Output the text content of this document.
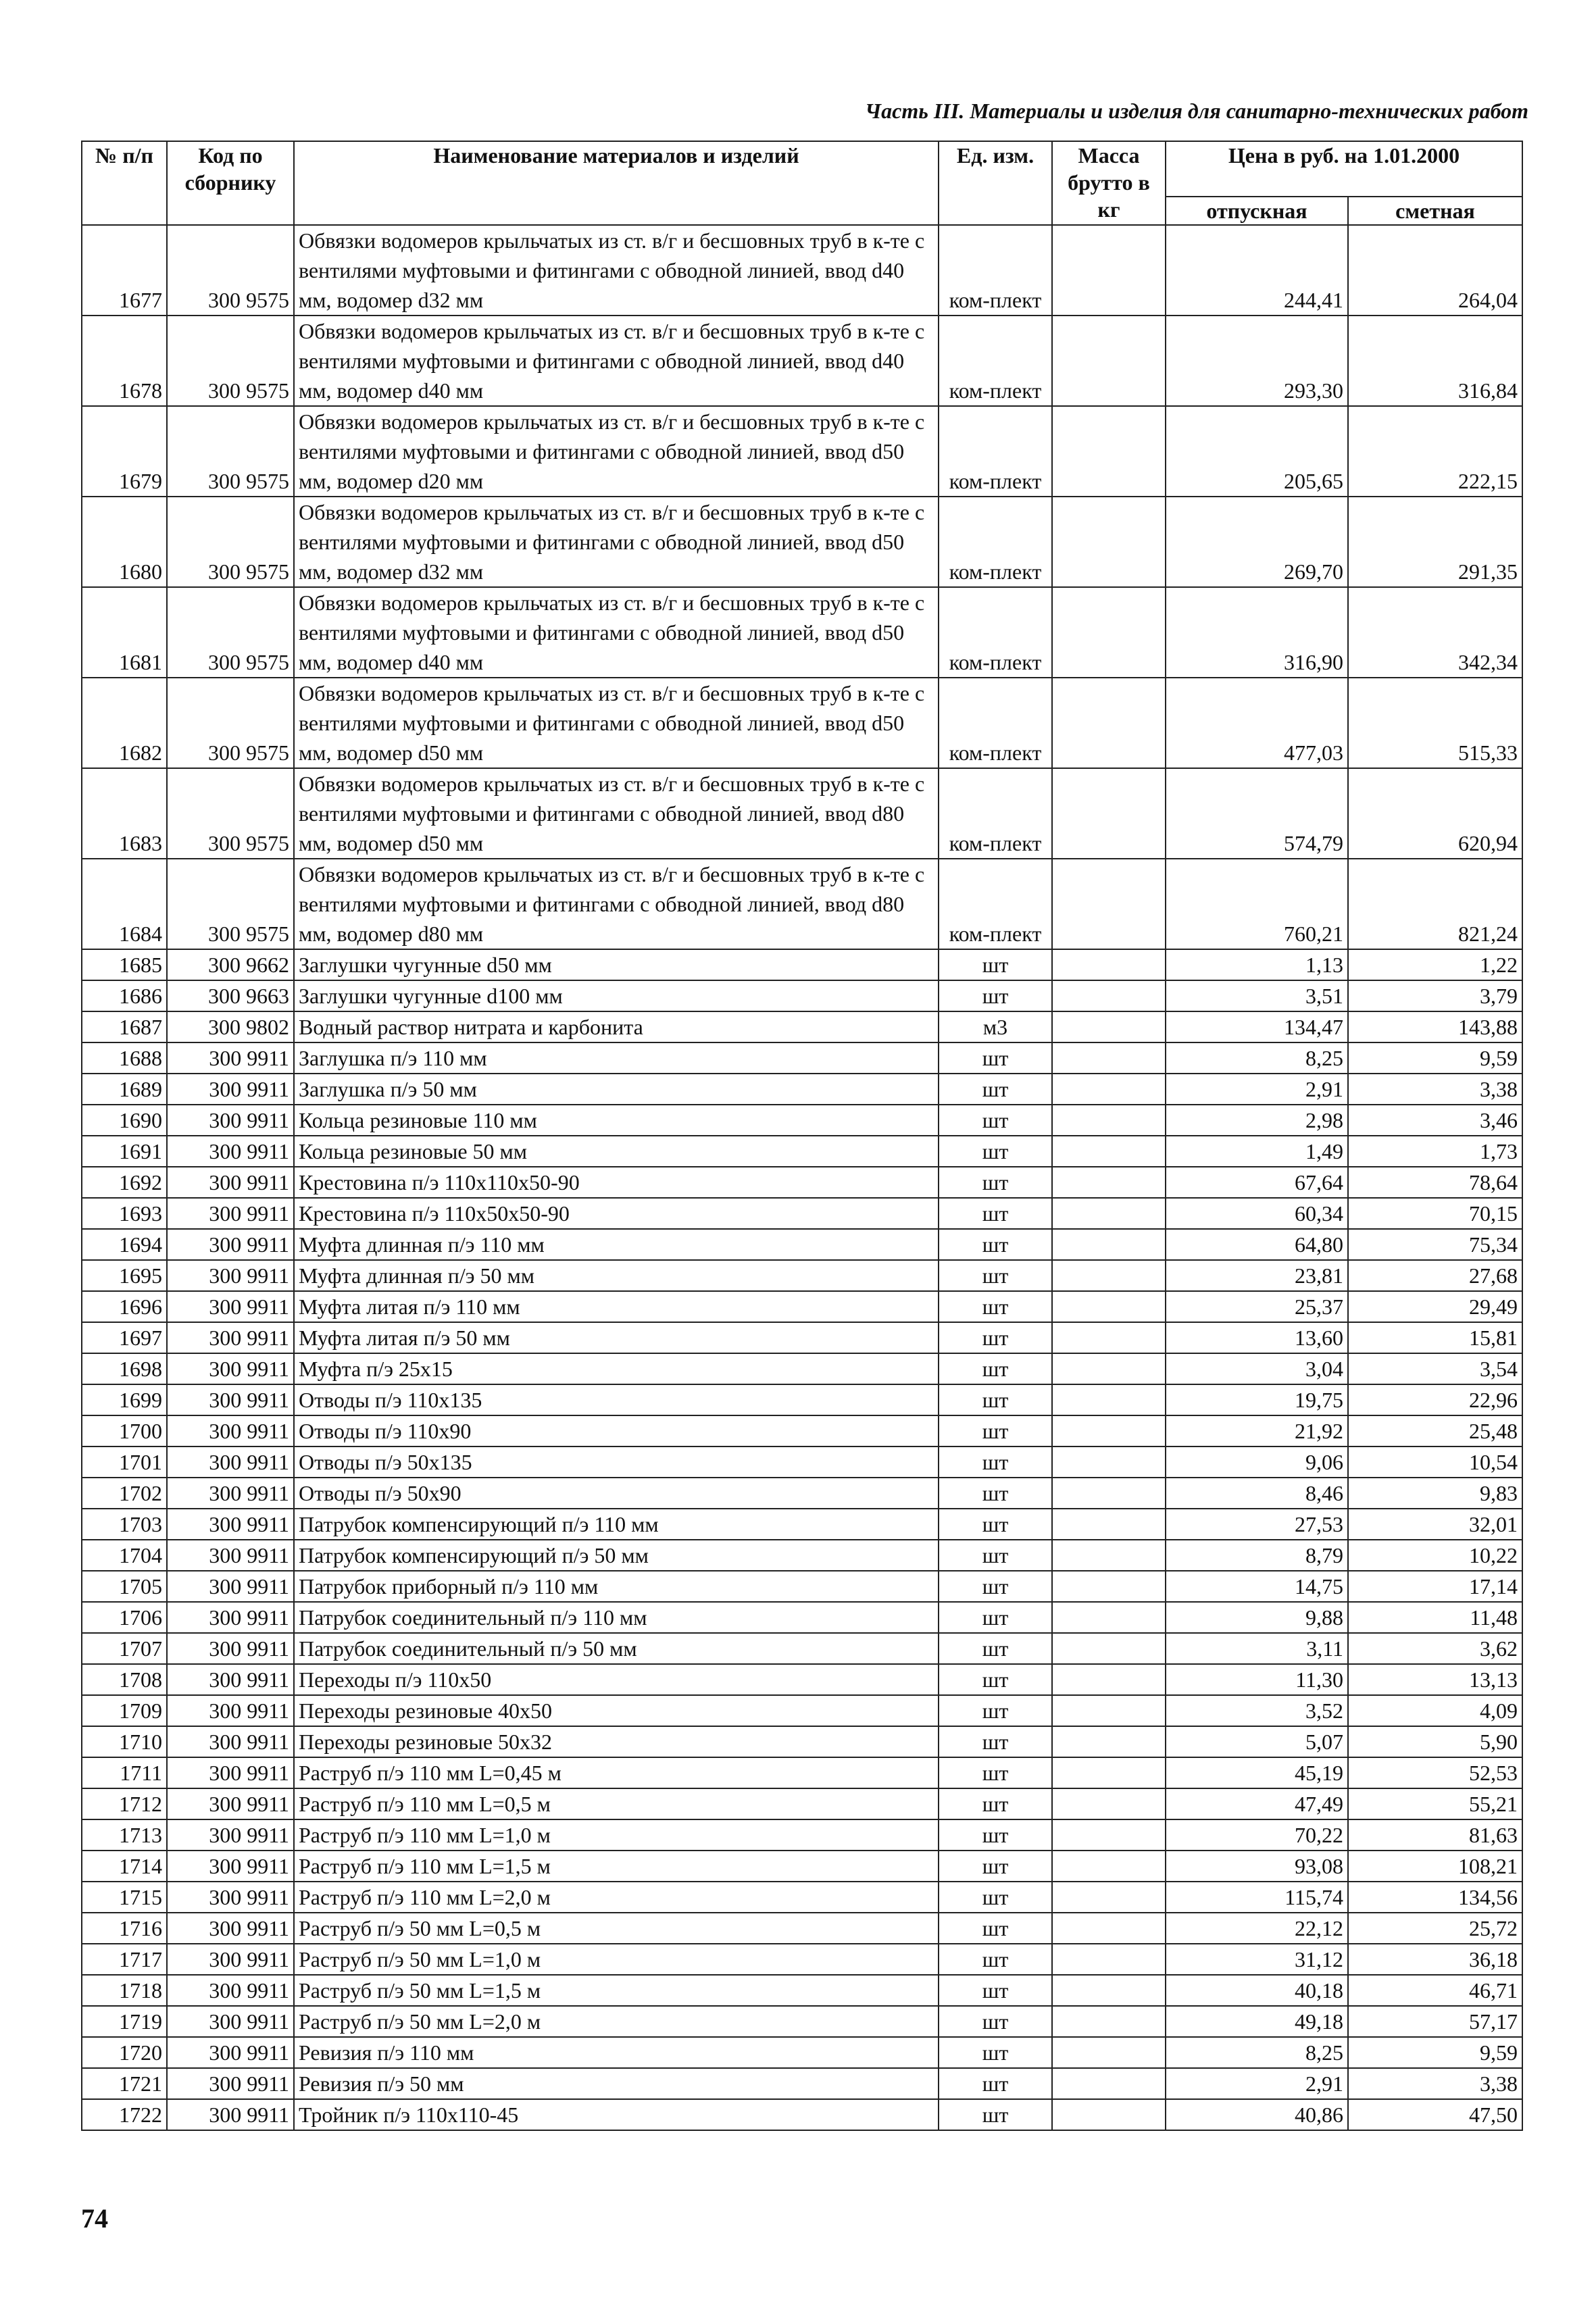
Часть III. Материалы и изделия для санитарно-технических работ
№ п/п	Код по сборнику	Наименование материалов и изделий	Ед. изм.	Масса брутто в кг	Цена в руб. на 1.01.2000	
					отпускная	сметная
1677	300 9575	Обвязки водомеров крыльчатых из ст. в/г и бесшовных труб в к-те с вентилями муфтовыми и фитингами с обводной линией, ввод d40 мм, водомер d32 мм	ком-плект		244,41	264,04
1678	300 9575	Обвязки водомеров крыльчатых из ст. в/г и бесшовных труб в к-те с вентилями муфтовыми и фитингами с обводной линией, ввод d40 мм, водомер d40 мм	ком-плект		293,30	316,84
1679	300 9575	Обвязки водомеров крыльчатых из ст. в/г и бесшовных труб в к-те с вентилями муфтовыми и фитингами с обводной линией, ввод d50 мм, водомер d20 мм	ком-плект		205,65	222,15
1680	300 9575	Обвязки водомеров крыльчатых из ст. в/г и бесшовных труб в к-те с вентилями муфтовыми и фитингами с обводной линией, ввод d50 мм, водомер d32 мм	ком-плект		269,70	291,35
1681	300 9575	Обвязки водомеров крыльчатых из ст. в/г и бесшовных труб в к-те с вентилями муфтовыми и фитингами с обводной линией, ввод d50 мм, водомер d40 мм	ком-плект		316,90	342,34
1682	300 9575	Обвязки водомеров крыльчатых из ст. в/г и бесшовных труб в к-те с вентилями муфтовыми и фитингами с обводной линией, ввод d50 мм, водомер d50 мм	ком-плект		477,03	515,33
1683	300 9575	Обвязки водомеров крыльчатых из ст. в/г и бесшовных труб в к-те с вентилями муфтовыми и фитингами с обводной линией, ввод d80 мм, водомер d50 мм	ком-плект		574,79	620,94
1684	300 9575	Обвязки водомеров крыльчатых из ст. в/г и бесшовных труб в к-те с вентилями муфтовыми и фитингами с обводной линией, ввод d80 мм, водомер d80 мм	ком-плект		760,21	821,24
1685	300 9662	Заглушки чугунные d50 мм	шт		1,13	1,22
1686	300 9663	Заглушки чугунные d100 мм	шт		3,51	3,79
1687	300 9802	Водный раствор нитрата и карбонита	м3		134,47	143,88
1688	300 9911	Заглушка п/э 110 мм	шт		8,25	9,59
1689	300 9911	Заглушка п/э 50 мм	шт		2,91	3,38
1690	300 9911	Кольца резиновые 110 мм	шт		2,98	3,46
1691	300 9911	Кольца резиновые 50 мм	шт		1,49	1,73
1692	300 9911	Крестовина п/э 110х110х50-90	шт		67,64	78,64
1693	300 9911	Крестовина п/э 110х50х50-90	шт		60,34	70,15
1694	300 9911	Муфта длинная п/э 110 мм	шт		64,80	75,34
1695	300 9911	Муфта длинная п/э 50 мм	шт		23,81	27,68
1696	300 9911	Муфта литая п/э 110 мм	шт		25,37	29,49
1697	300 9911	Муфта литая п/э 50 мм	шт		13,60	15,81
1698	300 9911	Муфта п/э 25х15	шт		3,04	3,54
1699	300 9911	Отводы п/э 110х135	шт		19,75	22,96
1700	300 9911	Отводы п/э 110х90	шт		21,92	25,48
1701	300 9911	Отводы п/э 50х135	шт		9,06	10,54
1702	300 9911	Отводы п/э 50х90	шт		8,46	9,83
1703	300 9911	Патрубок компенсирующий п/э 110 мм	шт		27,53	32,01
1704	300 9911	Патрубок компенсирующий п/э 50 мм	шт		8,79	10,22
1705	300 9911	Патрубок приборный п/э 110 мм	шт		14,75	17,14
1706	300 9911	Патрубок соединительный п/э 110 мм	шт		9,88	11,48
1707	300 9911	Патрубок соединительный п/э 50 мм	шт		3,11	3,62
1708	300 9911	Переходы п/э 110х50	шт		11,30	13,13
1709	300 9911	Переходы резиновые 40х50	шт		3,52	4,09
1710	300 9911	Переходы резиновые 50х32	шт		5,07	5,90
1711	300 9911	Раструб п/э 110 мм L=0,45 м	шт		45,19	52,53
1712	300 9911	Раструб п/э 110 мм L=0,5 м	шт		47,49	55,21
1713	300 9911	Раструб п/э 110 мм L=1,0 м	шт		70,22	81,63
1714	300 9911	Раструб п/э 110 мм L=1,5 м	шт		93,08	108,21
1715	300 9911	Раструб п/э 110 мм L=2,0 м	шт		115,74	134,56
1716	300 9911	Раструб п/э 50 мм L=0,5 м	шт		22,12	25,72
1717	300 9911	Раструб п/э 50 мм L=1,0 м	шт		31,12	36,18
1718	300 9911	Раструб п/э 50 мм L=1,5 м	шт		40,18	46,71
1719	300 9911	Раструб п/э 50 мм L=2,0 м	шт		49,18	57,17
1720	300 9911	Ревизия п/э 110 мм	шт		8,25	9,59
1721	300 9911	Ревизия п/э 50 мм	шт		2,91	3,38
1722	300 9911	Тройник п/э 110х110-45	шт		40,86	47,50
74
